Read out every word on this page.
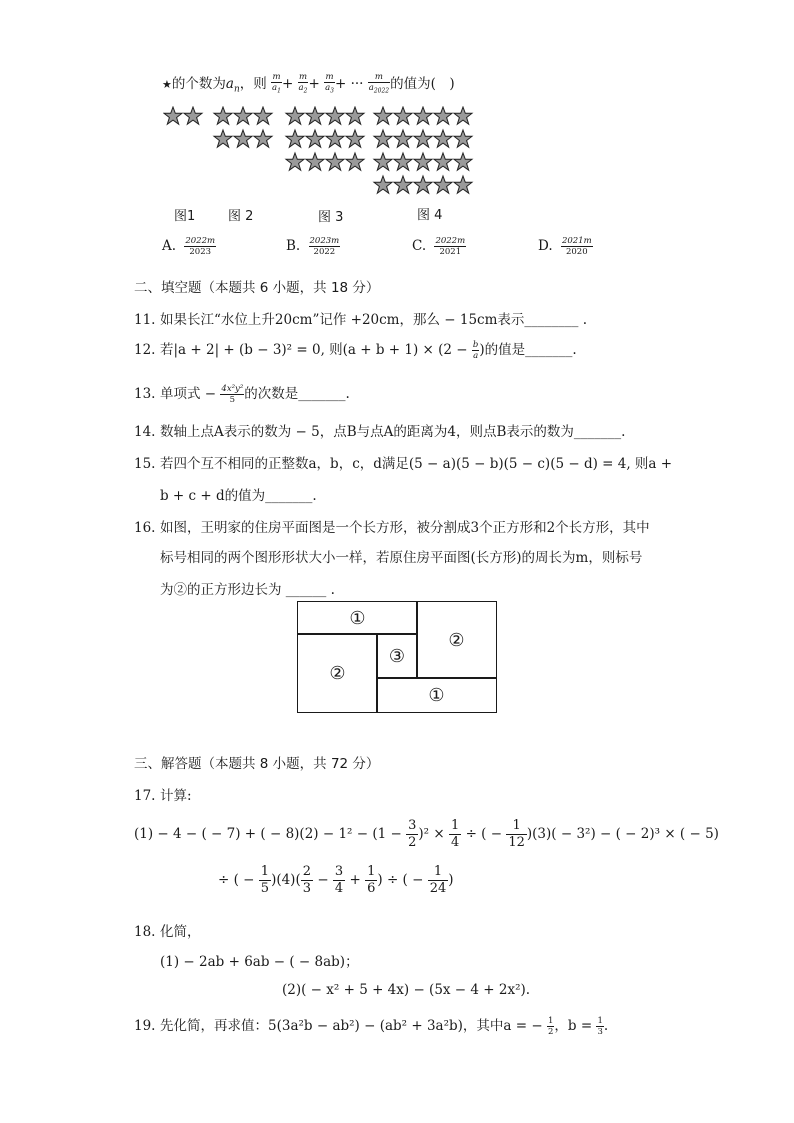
★的个数为$a_n$，则 $\frac{m}{a_1} + \frac{m}{a_2} + \frac{m}{a_3}$ + ··· $\frac{m}{a_{2022}}$ 的值为(　)
图1	图 2	图 3	图 4
A. $\frac{2022m}{2023}$	B. $\frac{2023m}{2022}$	C. $\frac{2022m}{2021}$	D. $\frac{2021m}{2020}$
二、填空题（本题共 6 小题，共 18 分）
11. 如果长江“水位上升20cm”记作 +20cm，那么 − 15cm表示________ .
12. 若|a + 2| + (b − 3)² = 0, 则$(a + b + 1) \times (2 - \frac{b}{a}$ )的值是_______.
13. 单项式 − $\frac{\text{4x²y²}}{5}$ 的次数是_______.
14. 数轴上点A表示的数为 − 5，点B与点A的距离为4，则点B表示的数为_______.
15. 若四个互不相同的正整数a，b，c，d满足(5 − a)(5 − b)(5 − c)(5 − d) = 4, 则a +
b + c + d的值为_______.
16. 如图，王明家的住房平面图是一个长方形，被分割成3个正方形和2个长方形，其中
标号相同的两个图形形状大小一样，若原住房平面图(长方形)的周长为m，则标号
为②的正方形边长为 ______ .
①
②
③
②
①
三、解答题（本题共 8 小题，共 72 分）
17. 计算:
(1) − 4 − ( − 7) + ( − $8)(2) - 1^2 - (1 - \frac{3}{2} )^2 \times \frac{1}{4}$ ÷ ( − $\frac{1}{12} )(3)( - 3^2)$ − ( − 2)³ × ( − 5)
÷ ( − $\frac{1}{5} )(4)( \frac{2}{3} - \frac{3}{4} + \frac{1}{6}$ ) ÷ ( − $\frac{1}{24}$ )
18. 化简，
(1) − 2ab + 6ab − ( − 8ab)；
(2)( − x² + 5 + 4x) − (5x − 4 + 2x²).
19. 先化简，再求值：5(3a²b − ab²) − (ab² + 3a²b)，其中a = − $\frac{1}{2}$ ，$b = \frac{1}{3}$ .
